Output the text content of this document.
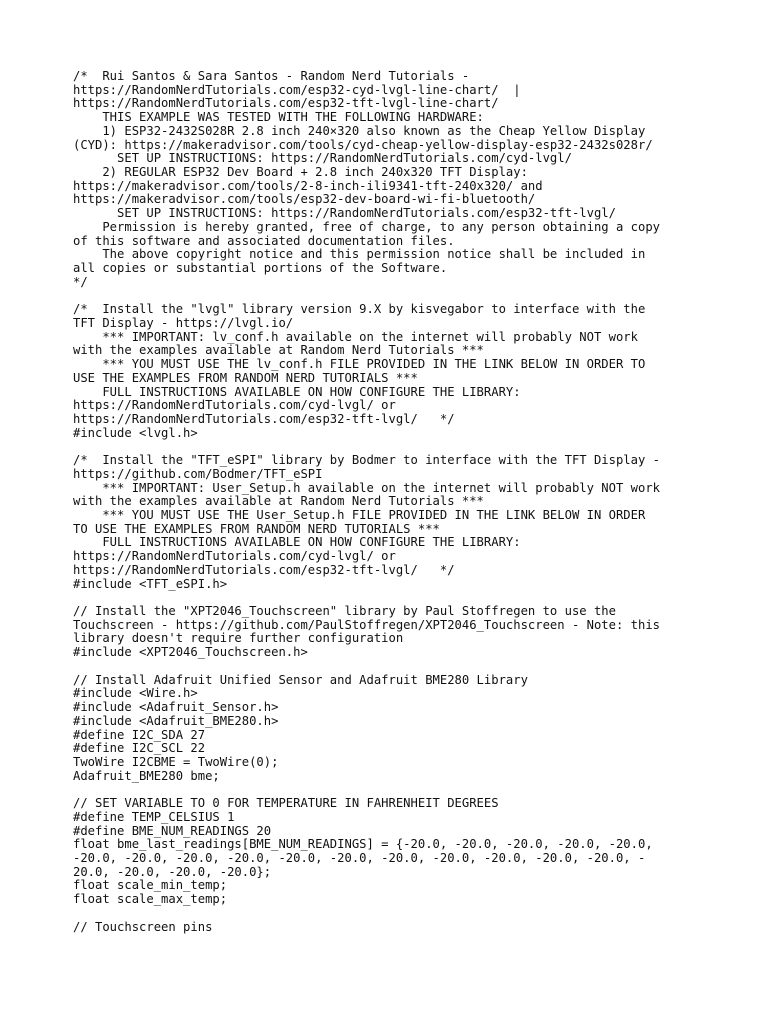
/*  Rui Santos & Sara Santos - Random Nerd Tutorials -
https://RandomNerdTutorials.com/esp32-cyd-lvgl-line-chart/  |
https://RandomNerdTutorials.com/esp32-tft-lvgl-line-chart/
THIS EXAMPLE WAS TESTED WITH THE FOLLOWING HARDWARE:
1) ESP32-2432S028R 2.8 inch 240×320 also known as the Cheap Yellow Display
(CYD): https://makeradvisor.com/tools/cyd-cheap-yellow-display-esp32-2432s028r/
SET UP INSTRUCTIONS: https://RandomNerdTutorials.com/cyd-lvgl/
2) REGULAR ESP32 Dev Board + 2.8 inch 240x320 TFT Display:
https://makeradvisor.com/tools/2-8-inch-ili9341-tft-240x320/ and
https://makeradvisor.com/tools/esp32-dev-board-wi-fi-bluetooth/
SET UP INSTRUCTIONS: https://RandomNerdTutorials.com/esp32-tft-lvgl/
Permission is hereby granted, free of charge, to any person obtaining a copy
of this software and associated documentation files.
The above copyright notice and this permission notice shall be included in
all copies or substantial portions of the Software.
*/
/*  Install the "lvgl" library version 9.X by kisvegabor to interface with the
TFT Display - https://lvgl.io/
*** IMPORTANT: lv_conf.h available on the internet will probably NOT work
with the examples available at Random Nerd Tutorials ***
*** YOU MUST USE THE lv_conf.h FILE PROVIDED IN THE LINK BELOW IN ORDER TO
USE THE EXAMPLES FROM RANDOM NERD TUTORIALS ***
FULL INSTRUCTIONS AVAILABLE ON HOW CONFIGURE THE LIBRARY:
https://RandomNerdTutorials.com/cyd-lvgl/ or
https://RandomNerdTutorials.com/esp32-tft-lvgl/   */
#include <lvgl.h>
/*  Install the "TFT_eSPI" library by Bodmer to interface with the TFT Display -
https://github.com/Bodmer/TFT_eSPI
*** IMPORTANT: User_Setup.h available on the internet will probably NOT work
with the examples available at Random Nerd Tutorials ***
*** YOU MUST USE THE User_Setup.h FILE PROVIDED IN THE LINK BELOW IN ORDER
TO USE THE EXAMPLES FROM RANDOM NERD TUTORIALS ***
FULL INSTRUCTIONS AVAILABLE ON HOW CONFIGURE THE LIBRARY:
https://RandomNerdTutorials.com/cyd-lvgl/ or
https://RandomNerdTutorials.com/esp32-tft-lvgl/   */
#include <TFT_eSPI.h>
// Install the "XPT2046_Touchscreen" library by Paul Stoffregen to use the
Touchscreen - https://github.com/PaulStoffregen/XPT2046_Touchscreen - Note: this
library doesn't require further configuration
#include <XPT2046_Touchscreen.h>
// Install Adafruit Unified Sensor and Adafruit BME280 Library
#include <Wire.h>
#include <Adafruit_Sensor.h>
#include <Adafruit_BME280.h>
#define I2C_SDA 27
#define I2C_SCL 22
TwoWire I2CBME = TwoWire(0);
Adafruit_BME280 bme;
// SET VARIABLE TO 0 FOR TEMPERATURE IN FAHRENHEIT DEGREES
#define TEMP_CELSIUS 1
#define BME_NUM_READINGS 20
float bme_last_readings[BME_NUM_READINGS] = {-20.0, -20.0, -20.0, -20.0, -20.0,
-20.0, -20.0, -20.0, -20.0, -20.0, -20.0, -20.0, -20.0, -20.0, -20.0, -20.0, -
20.0, -20.0, -20.0, -20.0};
float scale_min_temp;
float scale_max_temp;
// Touchscreen pins
